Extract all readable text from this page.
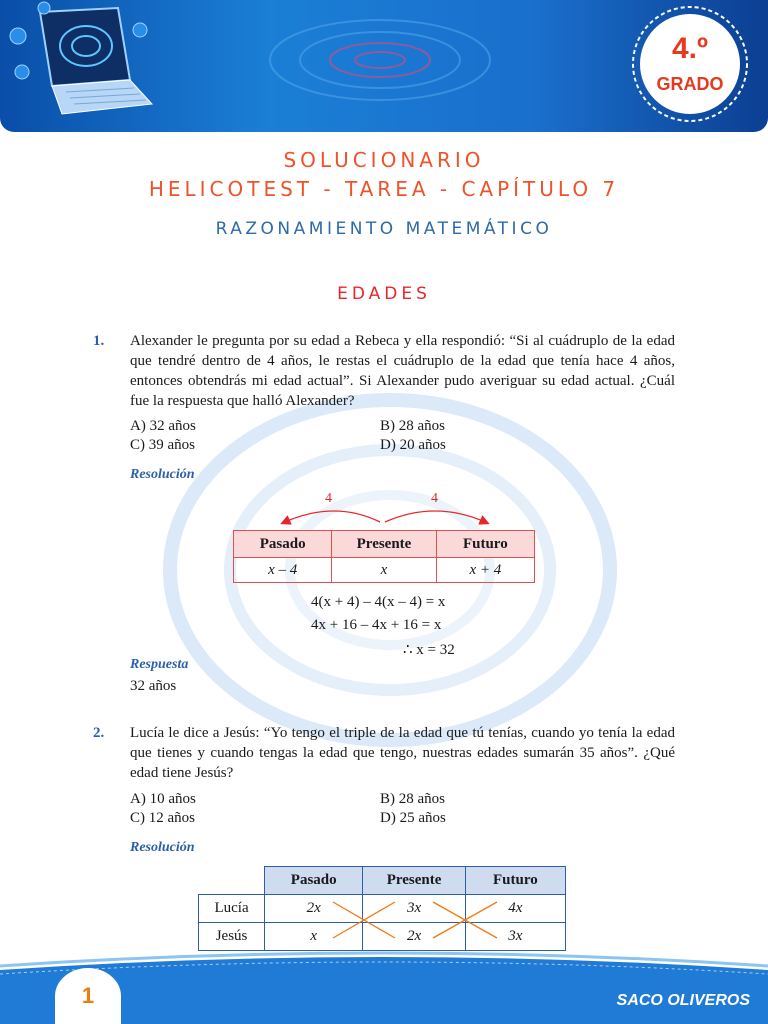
4.º
GRADO
SOLUCIONARIO
HELICOTEST - TAREA - CAPÍTULO 7
RAZONAMIENTO MATEMÁTICO
EDADES
1. Alexander le pregunta por su edad a Rebeca y ella respondió: “Si al cuádruplo de la edad que tendré dentro de 4 años, le restas el cuádruplo de la edad que tenía hace 4 años, entonces obtendrás mi edad actual”. Si Alexander pudo averiguar su edad actual. ¿Cuál fue la respuesta que halló Alexander?
A) 32 años	B) 28 años
C) 39 años	D) 20 años
Resolución
4	4
Pasado	Presente	Futuro
x – 4	x	x + 4
4(x + 4) – 4(x – 4) = x
4x + 16 – 4x + 16 = x
∴ x = 32
Respuesta
32 años
2. Lucía le dice a Jesús: “Yo tengo el triple de la edad que tú tenías, cuando yo tenía la edad que tienes y cuando tengas la edad que tengo, nuestras edades sumarán 35 años”. ¿Qué edad tiene Jesús?
A) 10 años	B) 28 años
C) 12 años	D) 25 años
Resolución
	Pasado	Presente	Futuro
Lucía	2x	3x	4x
Jesús	x	2x	3x
1	SACO OLIVEROS
